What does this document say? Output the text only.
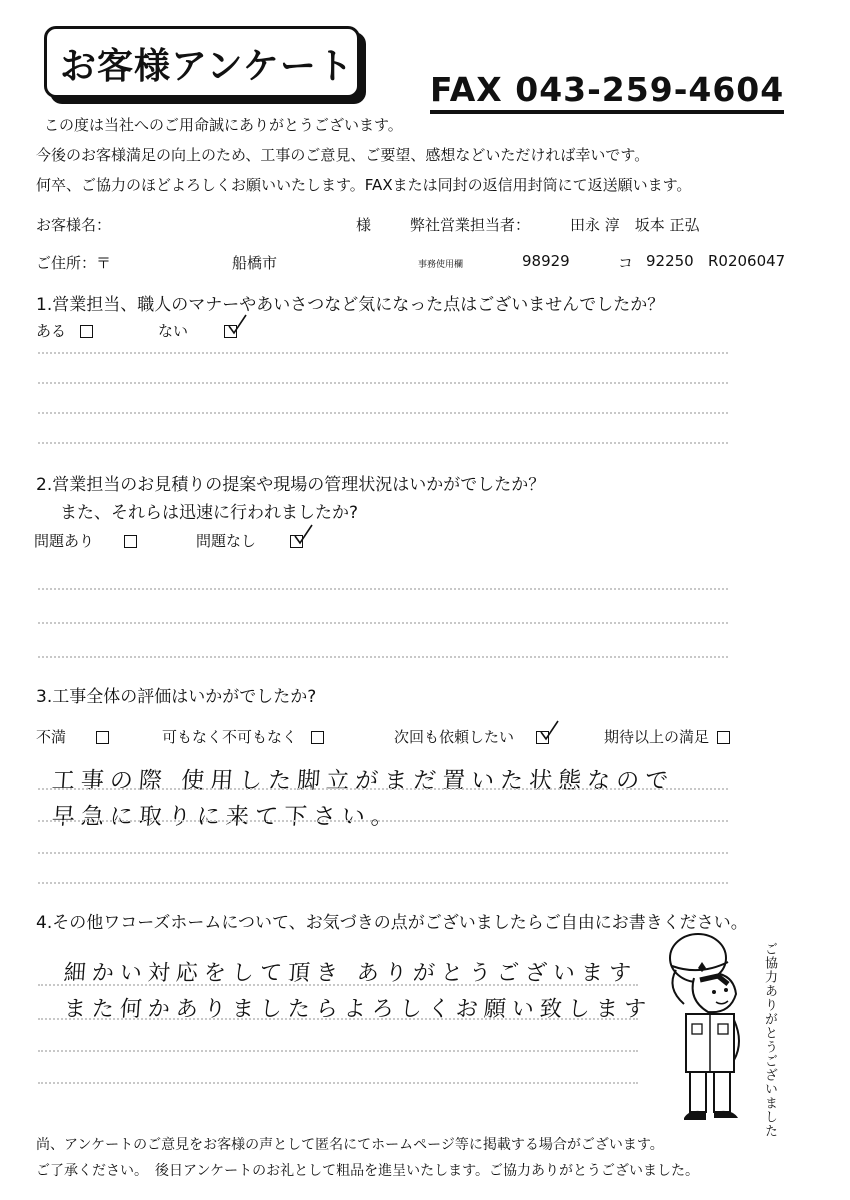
お客様アンケート
FAX 043-259-4604
この度は当社へのご用命誠にありがとうございます。
今後のお客様満足の向上のため、工事のご意見、ご要望、感想などいただければ幸いです。
何卒、ご協力のほどよろしくお願いいたします。FAXまたは同封の返信用封筒にて返送願います。
お客様名：	様	弊社営業担当者：	田永 淳　坂本 正弘
ご住所：〒	船橋市	事務使用欄	98929	コ 92250 R0206047
1.営業担当、職人のマナーやあいさつなど気になった点はございませんでしたか？
ある	ない
2.営業担当のお見積りの提案や現場の管理状況はいかがでしたか？
また、それらは迅速に行われましたか?
問題あり	問題なし
3.工事全体の評価はいかがでしたか?
不満	可もなく不可もなく	次回も依頼したい	期待以上の満足
工事の際 使用した脚立がまだ置いた状態なので
早急に取りに来て下さい。
4.その他ワコーズホームについて、お気づきの点がございましたらご自由にお書きください。
細かい対応をして頂き ありがとうございます
また何かありましたらよろしくお願い致します	ご協力ありがとうございました
尚、アンケートのご意見をお客様の声として匿名にてホームページ等に掲載する場合がございます。
ご了承ください。　後日アンケートのお礼として粗品を進呈いたします。ご協力ありがとうございました。
